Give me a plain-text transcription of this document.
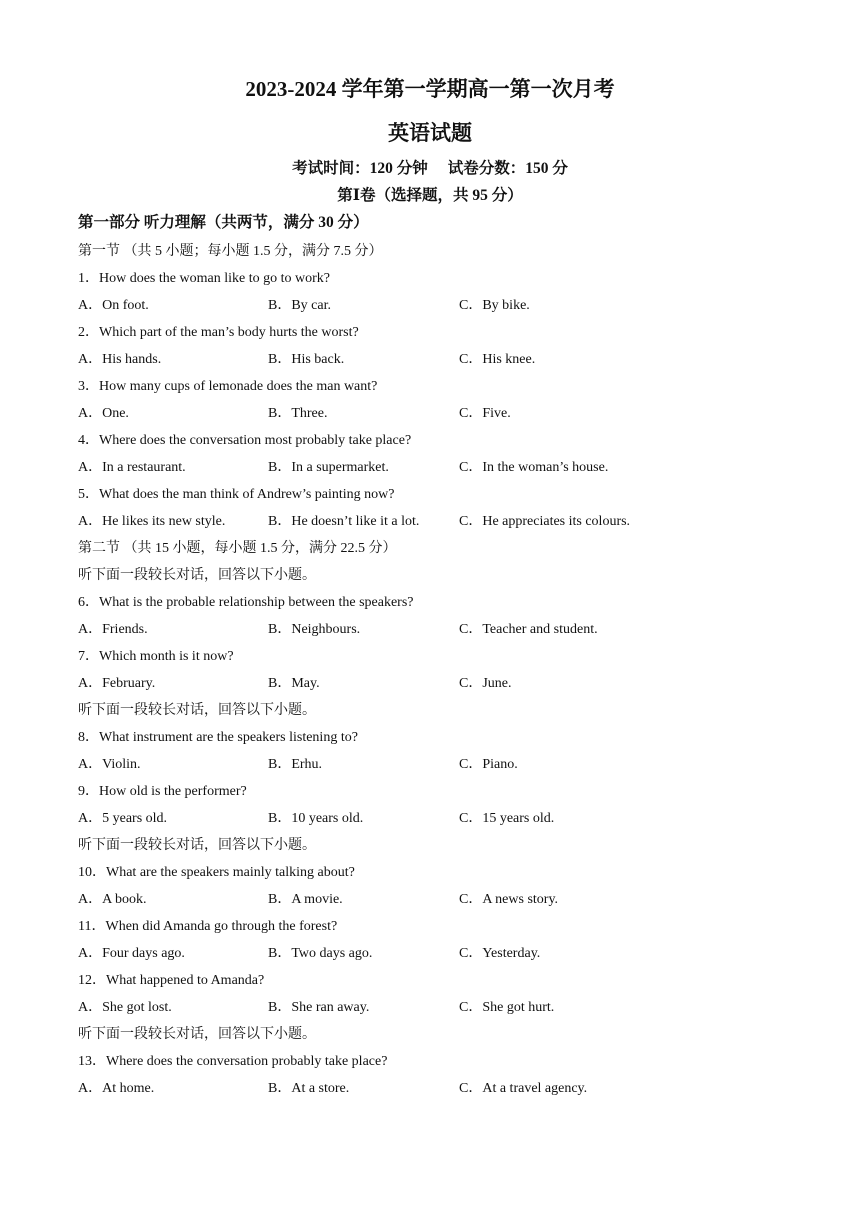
2023-2024 学年第一学期高一第一次月考
英语试题
考试时间：120 分钟 试卷分数：150 分
第Ⅰ卷（选择题，共 95 分）
第一部分 听力理解（共两节，满分 30 分）
第一节 （共 5 小题；每小题 1.5 分，满分 7.5 分）
1．How does the woman like to go to work?
A．On foot.	B．By car.	C．By bike.
2．Which part of the man’s body hurts the worst?
A．His hands.	B．His back.	C．His knee.
3．How many cups of lemonade does the man want?
A．One.	B．Three.	C．Five.
4．Where does the conversation most probably take place?
A．In a restaurant.	B．In a supermarket.	C．In the woman’s house.
5．What does the man think of Andrew’s painting now?
A．He likes its new style.	B．He doesn’t like it a lot.	C．He appreciates its colours.
第二节 （共 15 小题，每小题 1.5 分，满分 22.5 分）
听下面一段较长对话，回答以下小题。
6．What is the probable relationship between the speakers?
A．Friends.	B．Neighbours.	C．Teacher and student.
7．Which month is it now?
A．February.	B．May.	C．June.
听下面一段较长对话，回答以下小题。
8．What instrument are the speakers listening to?
A．Violin.	B．Erhu.	C．Piano.
9．How old is the performer?
A．5 years old.	B．10 years old.	C．15 years old.
听下面一段较长对话，回答以下小题。
10．What are the speakers mainly talking about?
A．A book.	B．A movie.	C．A news story.
11．When did Amanda go through the forest?
A．Four days ago.	B．Two days ago.	C．Yesterday.
12．What happened to Amanda?
A．She got lost.	B．She ran away.	C．She got hurt.
听下面一段较长对话，回答以下小题。
13．Where does the conversation probably take place?
A．At home.	B．At a store.	C．At a travel agency.
